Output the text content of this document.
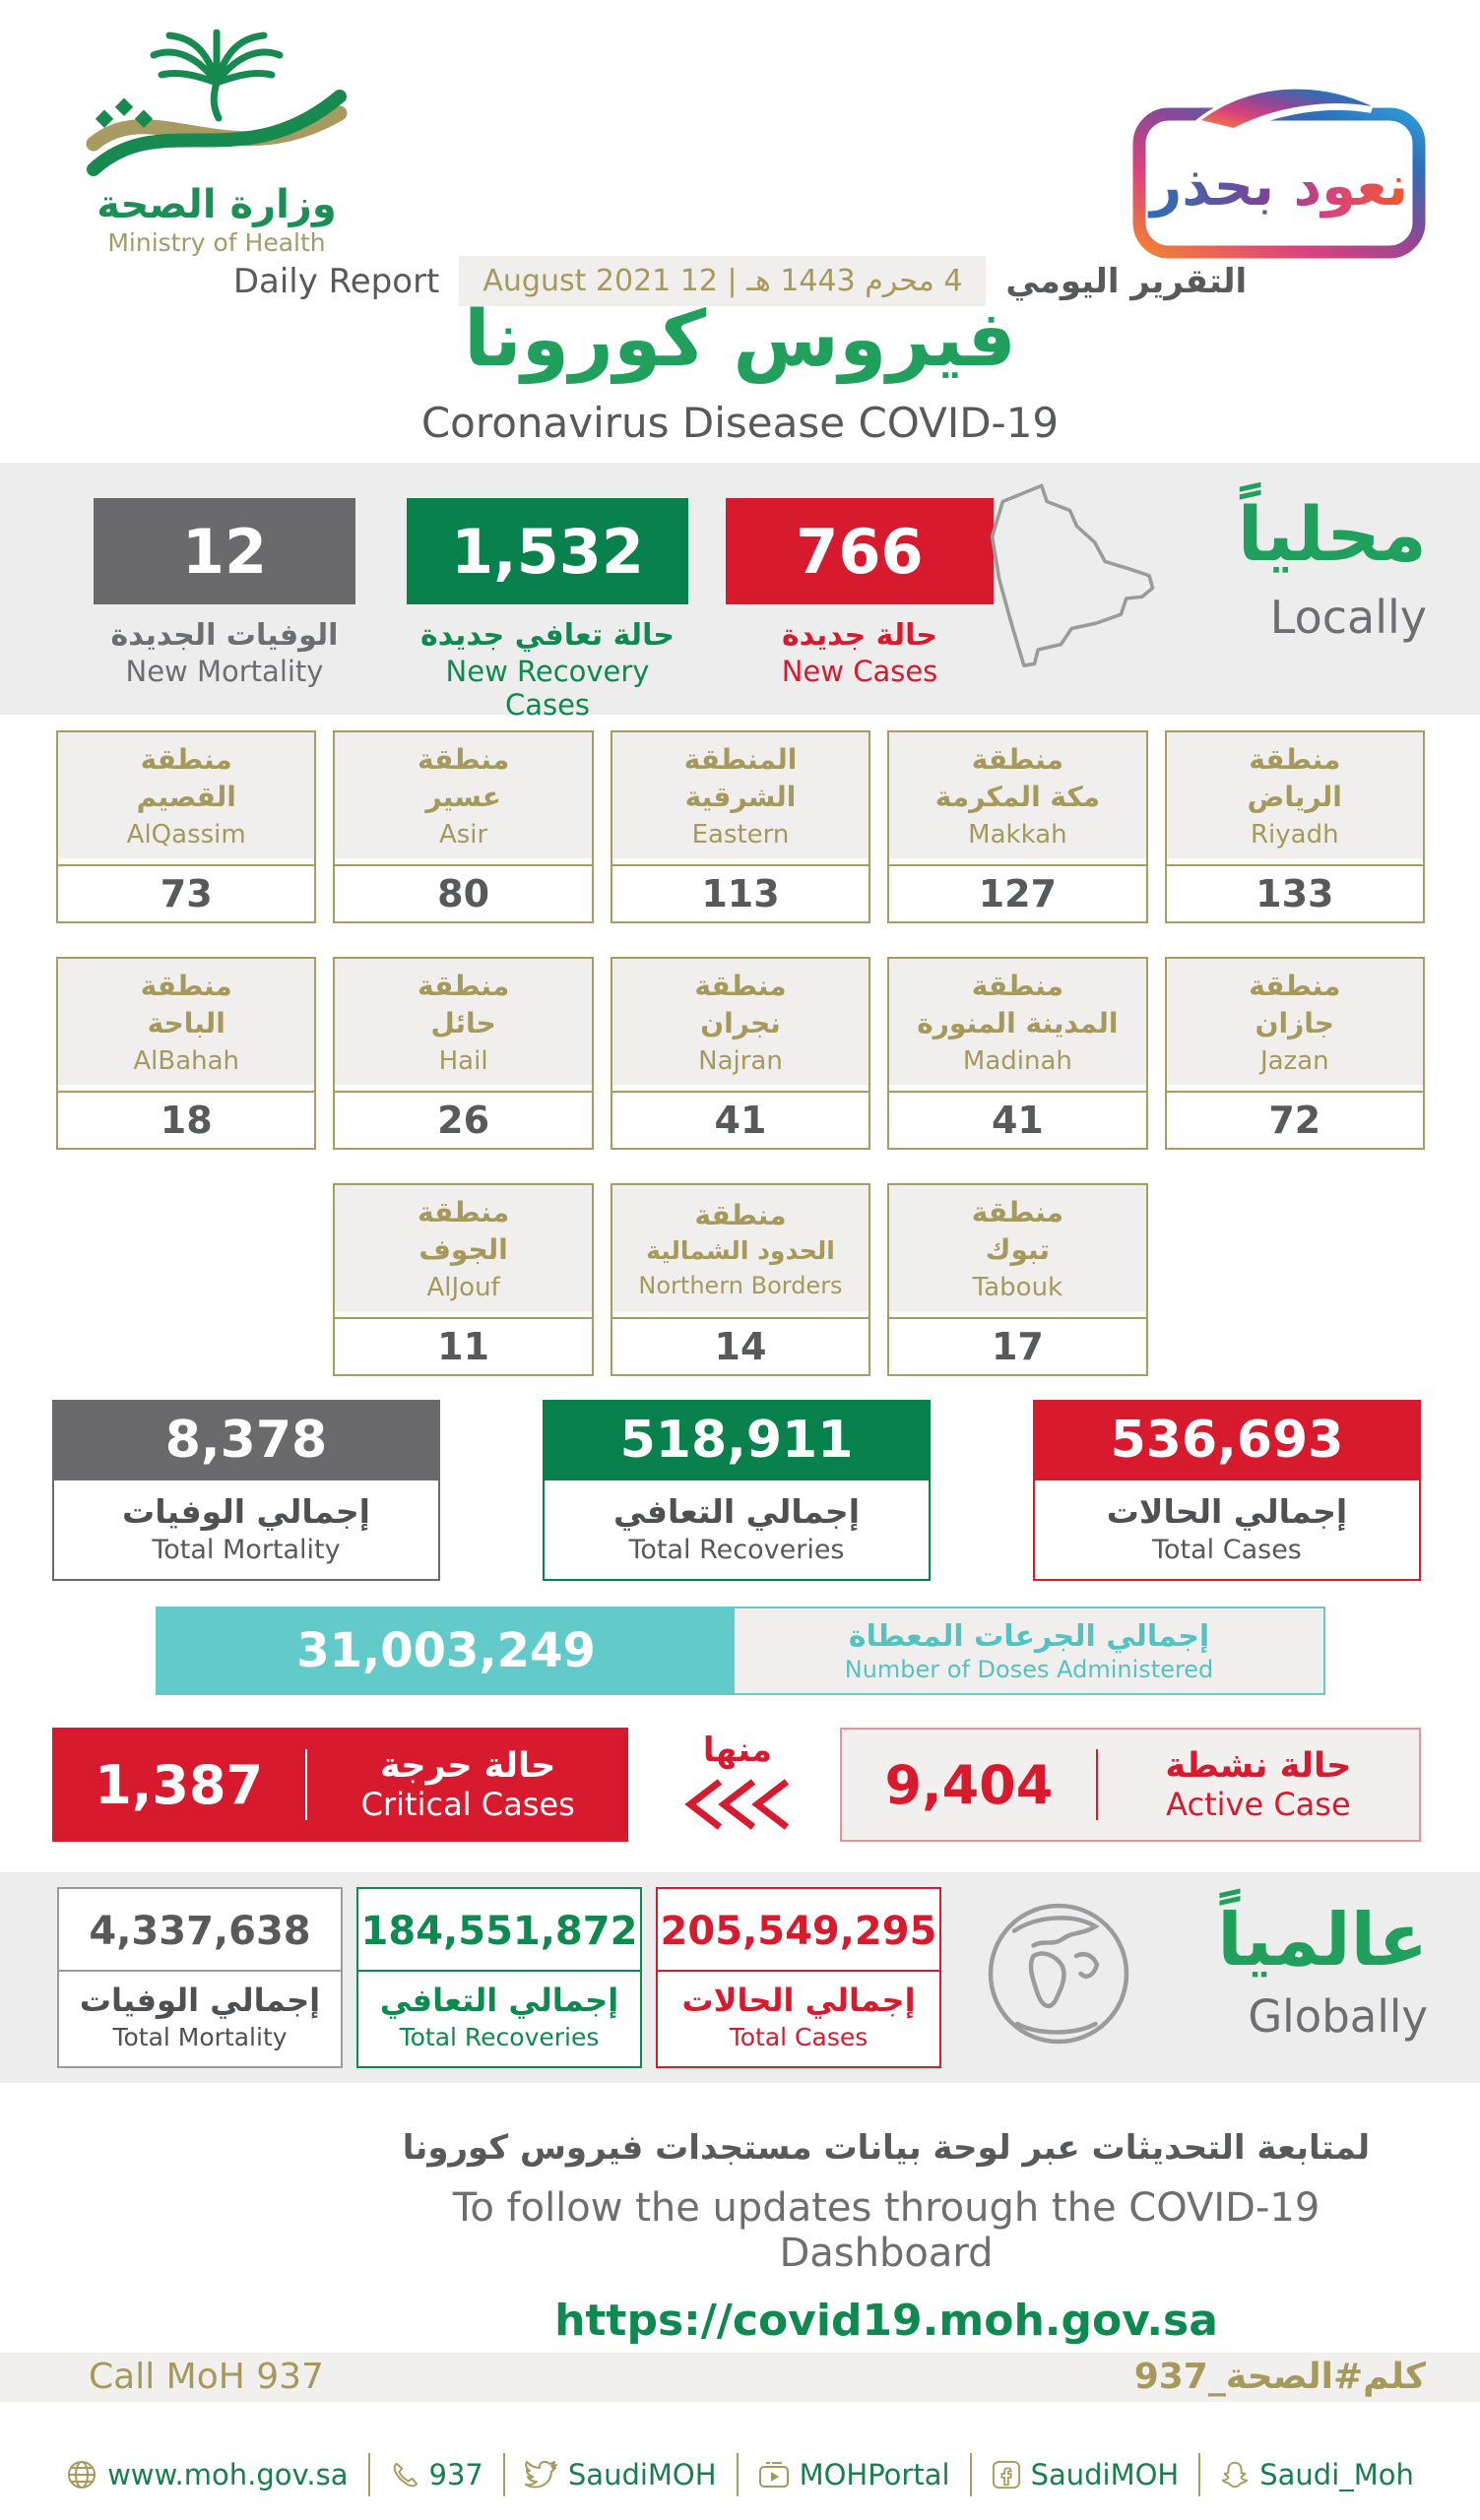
وزارة الصحة
Ministry of Health
نعود بحذر
Daily Report	4 محرم 1443 هـ | 12 August 2021	التقرير اليومي
فيروس كورونا
Coronavirus Disease COVID-19
12
الوفيات الجديدة
New Mortality
1,532
حالة تعافي جديدة
New Recovery Cases
766
حالة جديدة
New Cases
محلياً
Locally
منطقة
القصيم
AlQassim
73
منطقة
عسير
Asir
80
المنطقة
الشرقية
Eastern
113
منطقة
مكة المكرمة
Makkah
127
منطقة
الرياض
Riyadh
133
منطقة
الباحة
AlBahah
18
منطقة
حائل
Hail
26
منطقة
نجران
Najran
41
منطقة
المدينة المنورة
Madinah
41
منطقة
جازان
Jazan
72
منطقة
الجوف
AlJouf
11
منطقة
الحدود الشمالية
Northern Borders
14
منطقة
تبوك
Tabouk
17
8,378
إجمالي الوفيات
Total Mortality
518,911
إجمالي التعافي
Total Recoveries
536,693
إجمالي الحالات
Total Cases
31,003,249	إجمالي الجرعات المعطاة
Number of Doses Administered
1,387	حالة حرجة
Critical Cases
منها
9,404	حالة نشطة
Active Case
4,337,638
إجمالي الوفيات
Total Mortality
184,551,872
إجمالي التعافي
Total Recoveries
205,549,295
إجمالي الحالات
Total Cases
عالمياً
Globally
لمتابعة التحديثات عبر لوحة بيانات مستجدات فيروس كورونا
To follow the updates through the COVID-19 Dashboard
https://covid19.moh.gov.sa
Call MoH 937	كلم#الصحة_937
www.moh.gov.sa	937	SaudiMOH	MOHPortal	SaudiMOH	Saudi_Moh
